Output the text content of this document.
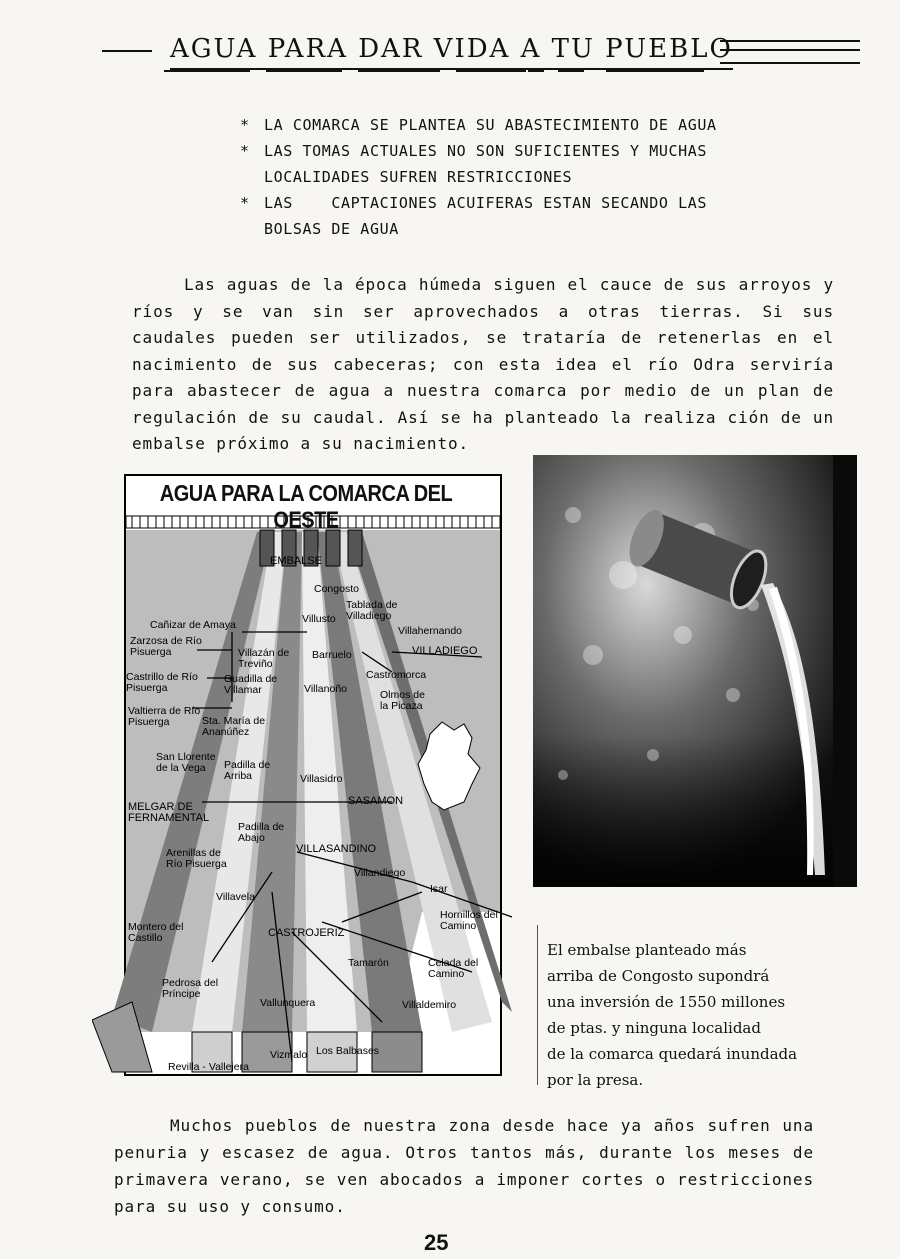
AGUA PARA DAR VIDA A TU PUEBLO
* LA COMARCA SE PLANTEA SU ABASTECIMIENTO DE AGUA
* LAS TOMAS ACTUALES NO SON SUFICIENTES Y MUCHAS
LOCALIDADES SUFREN RESTRICCIONES
* LAS    CAPTACIONES ACUIFERAS ESTAN SECANDO LAS
BOLSAS DE AGUA
Las aguas de la época húmeda siguen el cauce de sus arroyos y ríos y se van sin ser aprovechados a otras tierras. Si sus caudales pueden ser utilizados, se trataría de retenerlas en el nacimiento de sus cabeceras; con esta idea el río Odra serviría para abastecer de agua a nuestra comarca por medio de un plan de regulación de su caudal. Así se ha planteado la realiza ción de un embalse próximo a su nacimiento.
AGUA PARA LA COMARCA DEL OESTE
EMBALSE
Congosto
Tablada de Villadiego
Villusto
Cañizar de Amaya	Villahernando
Zarzosa de Río Pisuerga	Villazán de Treviño
Barruelo	VILLADIEGO
Castrillo de Río Pisuerga
Guadilla de Villamar
Castromorca
Villanoño	Olmos de la Picaza
Valtierra de Río Pisuerga	Sta. María de Ananúñez
San Llorente de la Vega	Padilla de Arriba	Villasidro
MELGAR DE FERNAMENTAL
SASAMON
Padilla de Abajo
VILLASANDINO
Arenillas de Río Pisuerga
Villandiego
Isar
Villavela
Hornillos del Camino
Montero del Castillo	CASTROJERIZ
Tamarón	Celada del Camino
Pedrosa del Príncipe
Vallunquera	Villaldemiro
Los Balbases
Vizmalo
Revilla - Vallejera
El embalse planteado más
arriba de Congosto supondrá
una inversión de 1550 millones
de ptas. y ninguna localidad
de la comarca quedará inundada
por la presa.
Muchos pueblos de nuestra zona desde hace ya años sufren una penuria y escasez de agua. Otros tantos más, durante los meses de primavera verano, se ven abocados a imponer cortes o restricciones para su uso y consumo.
25
